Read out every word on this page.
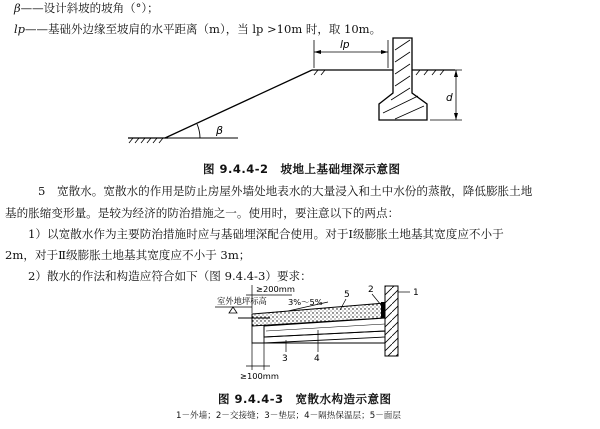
β——设计斜坡的坡角（°）；
lp——基础外边缘至坡肩的水平距离（m），当 lp >10m 时，取 10m。
β
lp
d
图 9.4.4-2　坡地上基础埋深示意图
5　宽散水。宽散水的作用是防止房屋外墙处地表水的大量浸入和土中水份的蒸散，降低膨胀土地
基的胀缩变形量。是较为经济的防治措施之一。使用时，要注意以下的两点：
1）以宽散水作为主要防治措施时应与基础埋深配合使用。对于Ⅰ级膨胀土地基其宽度应不小于
2m，对于Ⅱ级膨胀土地基其宽度应不小于 3m；
2）散水的作法和构造应符合如下（图 9.4.4-3）要求：
室外地坪标高
≥200mm
3%～5%
1
5 2
4
3
≥100mm
图 9.4.4-3　宽散水构造示意图
1－外墙；2－交接缝；3－垫层；4－隔热保温层；5－面层
